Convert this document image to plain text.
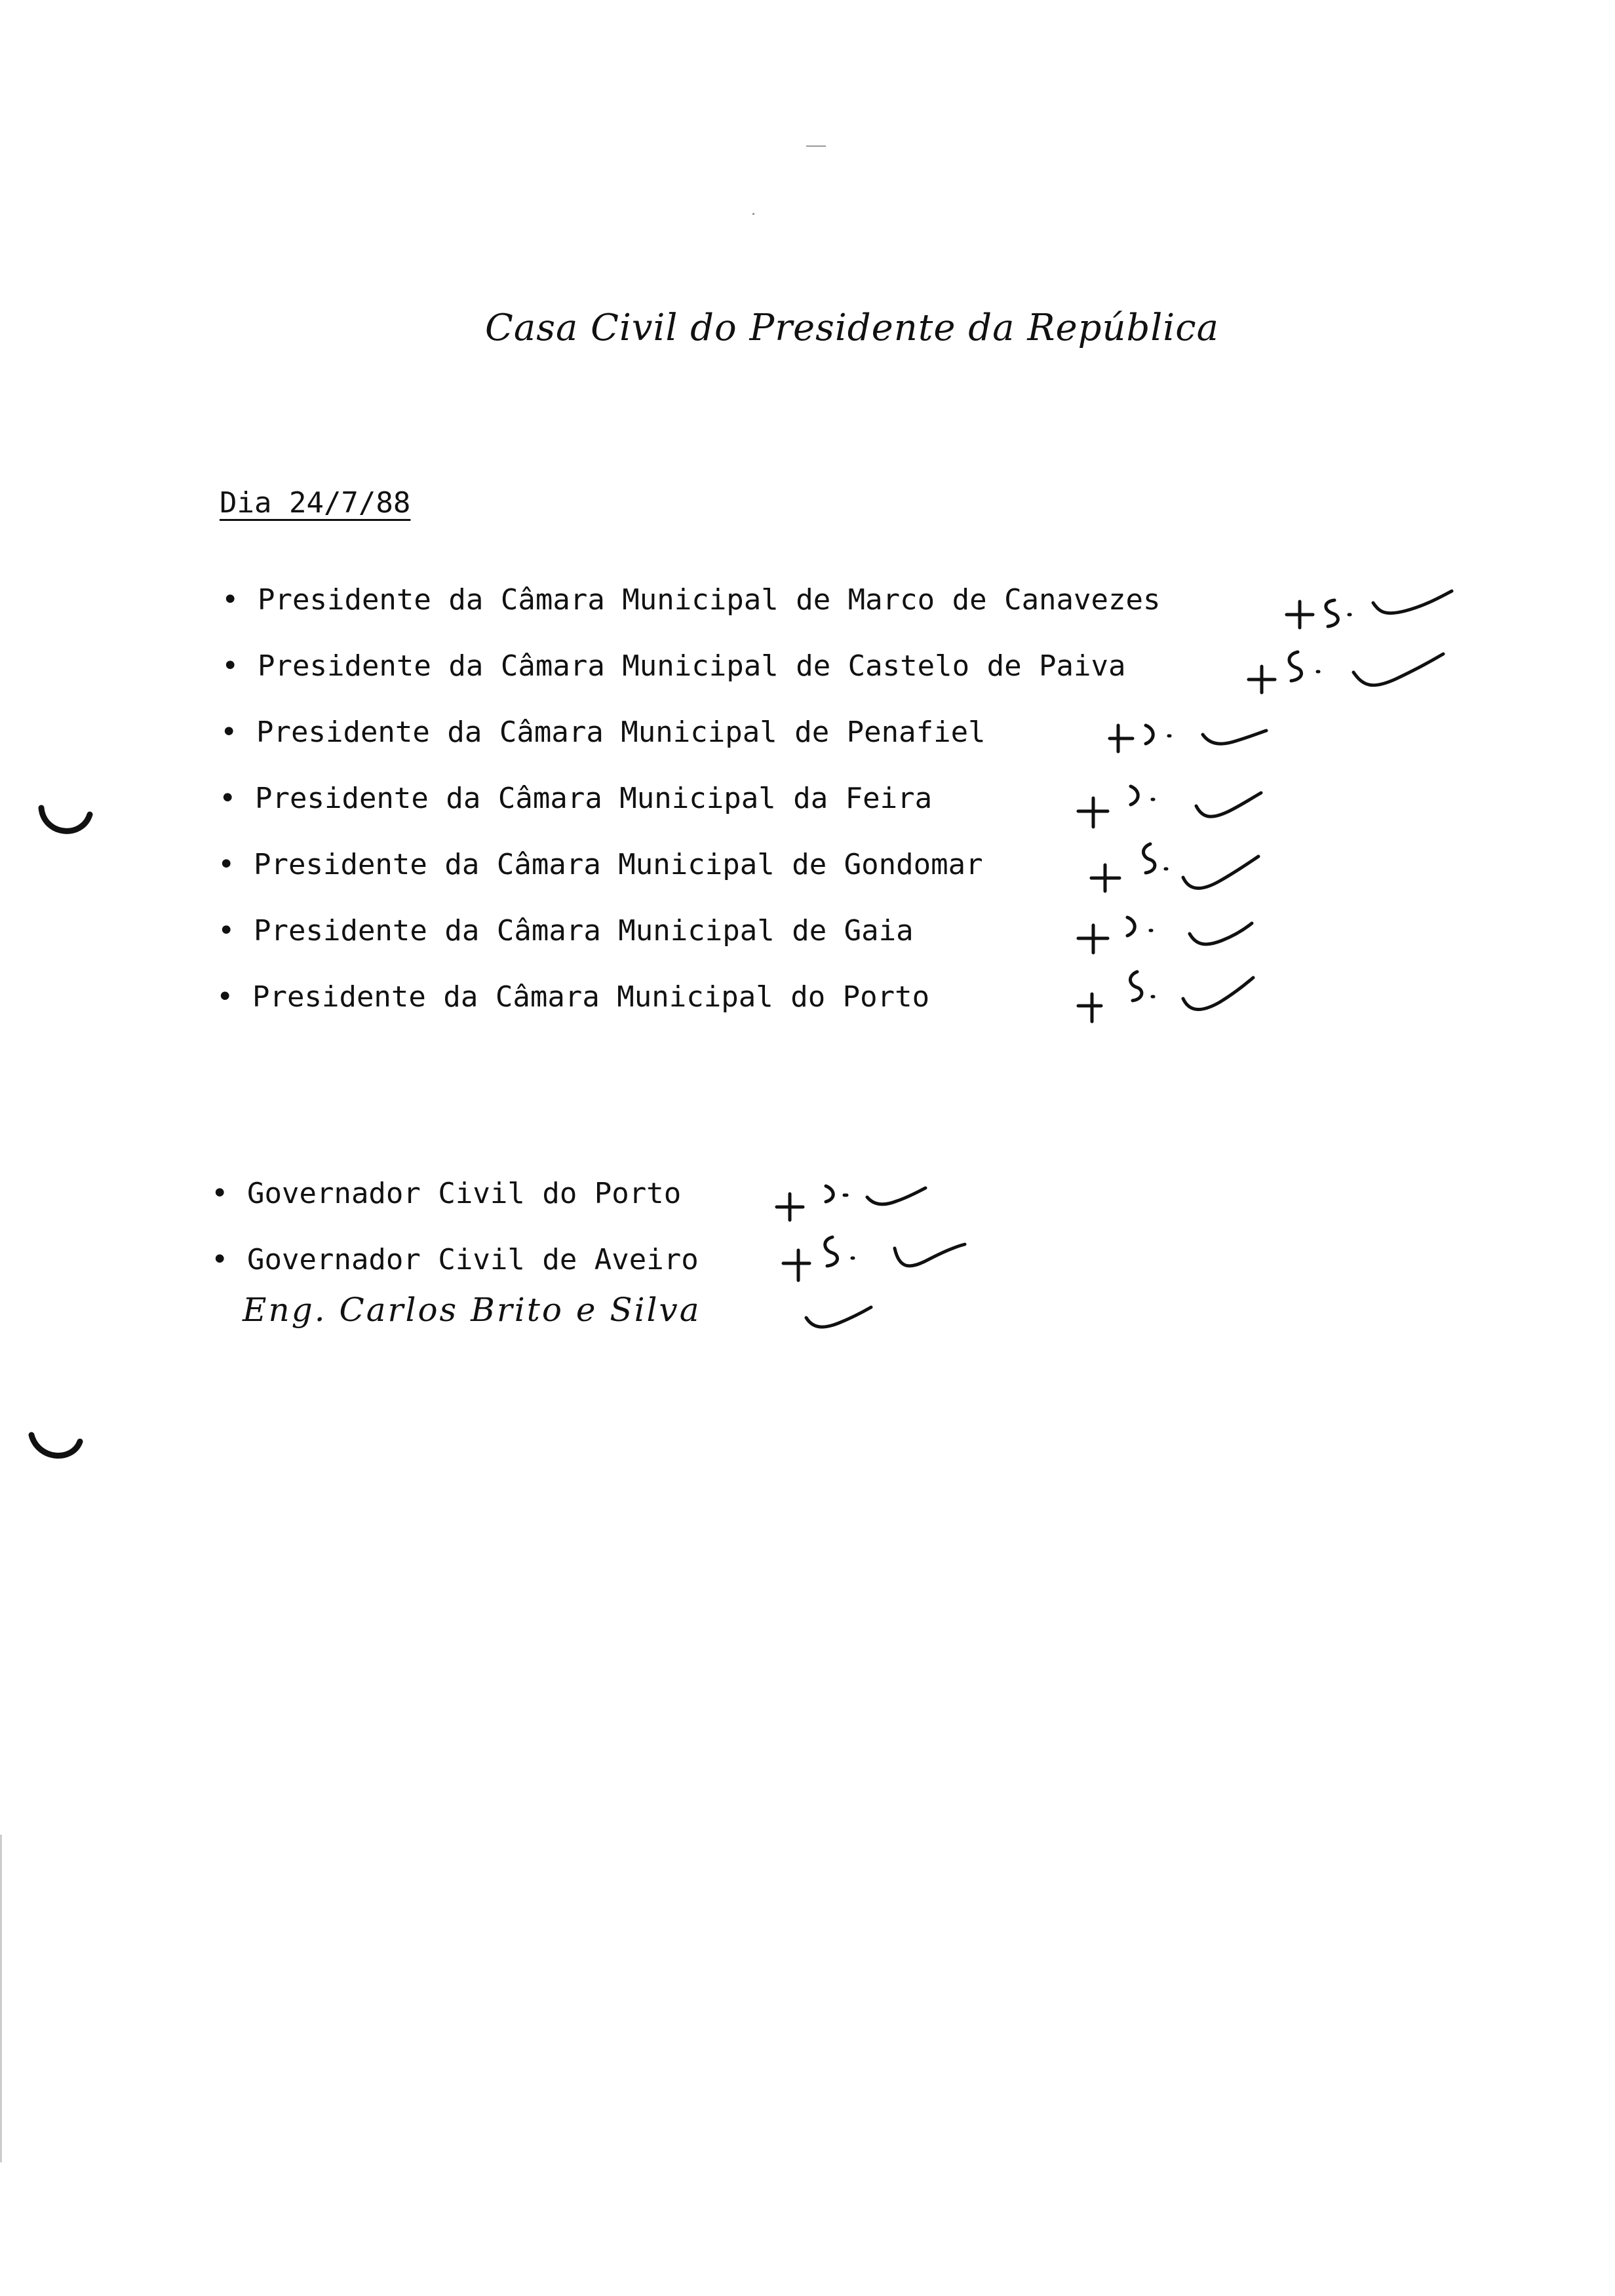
Casa Civil do Presidente da República
Dia 24/7/88
• Presidente da Câmara Municipal de Marco de Canavezes
• Presidente da Câmara Municipal de Castelo de Paiva
• Presidente da Câmara Municipal de Penafiel
• Presidente da Câmara Municipal da Feira
• Presidente da Câmara Municipal de Gondomar
• Presidente da Câmara Municipal de Gaia
• Presidente da Câmara Municipal do Porto
• Governador Civil do Porto
• Governador Civil de Aveiro
Eng. Carlos Brito e Silva
